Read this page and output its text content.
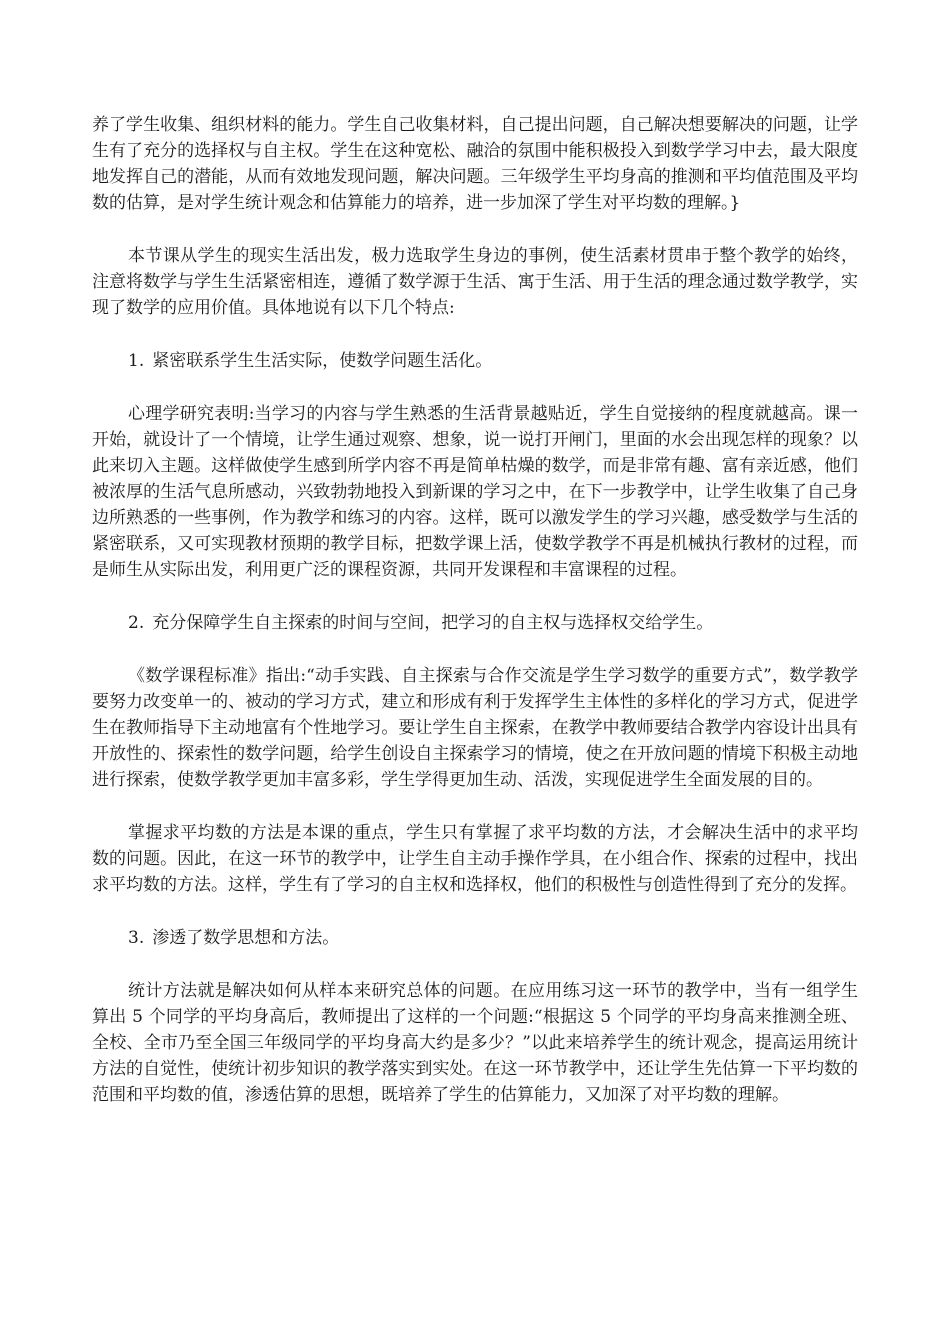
养了学生收集、组织材料的能力。学生自己收集材料，自己提出问题，自己解决想要解决的问题，让学生有了充分的选择权与自主权。学生在这种宽松、融洽的氛围中能积极投入到数学学习中去，最大限度地发挥自己的潜能，从而有效地发现问题，解决问题。三年级学生平均身高的推测和平均值范围及平均数的估算，是对学生统计观念和估算能力的培养，进一步加深了学生对平均数的理解。}

本节课从学生的现实生活出发，极力选取学生身边的事例，使生活素材贯串于整个教学的始终，注意将数学与学生生活紧密相连，遵循了数学源于生活、寓于生活、用于生活的理念通过数学教学，实现了数学的应用价值。具体地说有以下几个特点:

1. 紧密联系学生生活实际，使数学问题生活化。

心理学研究表明:当学习的内容与学生熟悉的生活背景越贴近，学生自觉接纳的程度就越高。课一开始，就设计了一个情境，让学生通过观察、想象，说一说打开闸门，里面的水会出现怎样的现象？以此来切入主题。这样做使学生感到所学内容不再是简单枯燥的数学，而是非常有趣、富有亲近感，他们被浓厚的生活气息所感动，兴致勃勃地投入到新课的学习之中，在下一步教学中，让学生收集了自己身边所熟悉的一些事例，作为教学和练习的内容。这样，既可以激发学生的学习兴趣，感受数学与生活的紧密联系，又可实现教材预期的教学目标，把数学课上活，使数学教学不再是机械执行教材的过程，而是师生从实际出发，利用更广泛的课程资源，共同开发课程和丰富课程的过程。

2. 充分保障学生自主探索的时间与空间，把学习的自主权与选择权交给学生。

《数学课程标准》指出:“动手实践、自主探索与合作交流是学生学习数学的重要方式”，数学教学要努力改变单一的、被动的学习方式，建立和形成有利于发挥学生主体性的多样化的学习方式，促进学生在教师指导下主动地富有个性地学习。要让学生自主探索，在教学中教师要结合教学内容设计出具有开放性的、探索性的数学问题，给学生创设自主探索学习的情境，使之在开放问题的情境下积极主动地进行探索，使数学教学更加丰富多彩，学生学得更加生动、活泼，实现促进学生全面发展的目的。

掌握求平均数的方法是本课的重点，学生只有掌握了求平均数的方法，才会解决生活中的求平均数的问题。因此，在这一环节的教学中，让学生自主动手操作学具，在小组合作、探索的过程中，找出求平均数的方法。这样，学生有了学习的自主权和选择权，他们的积极性与创造性得到了充分的发挥。

3. 渗透了数学思想和方法。

统计方法就是解决如何从样本来研究总体的问题。在应用练习这一环节的教学中，当有一组学生算出 5 个同学的平均身高后，教师提出了这样的一个问题:“根据这 5 个同学的平均身高来推测全班、全校、全市乃至全国三年级同学的平均身高大约是多少？”以此来培养学生的统计观念，提高运用统计方法的自觉性，使统计初步知识的教学落实到实处。在这一环节教学中，还让学生先估算一下平均数的范围和平均数的值，渗透估算的思想，既培养了学生的估算能力，又加深了对平均数的理解。
